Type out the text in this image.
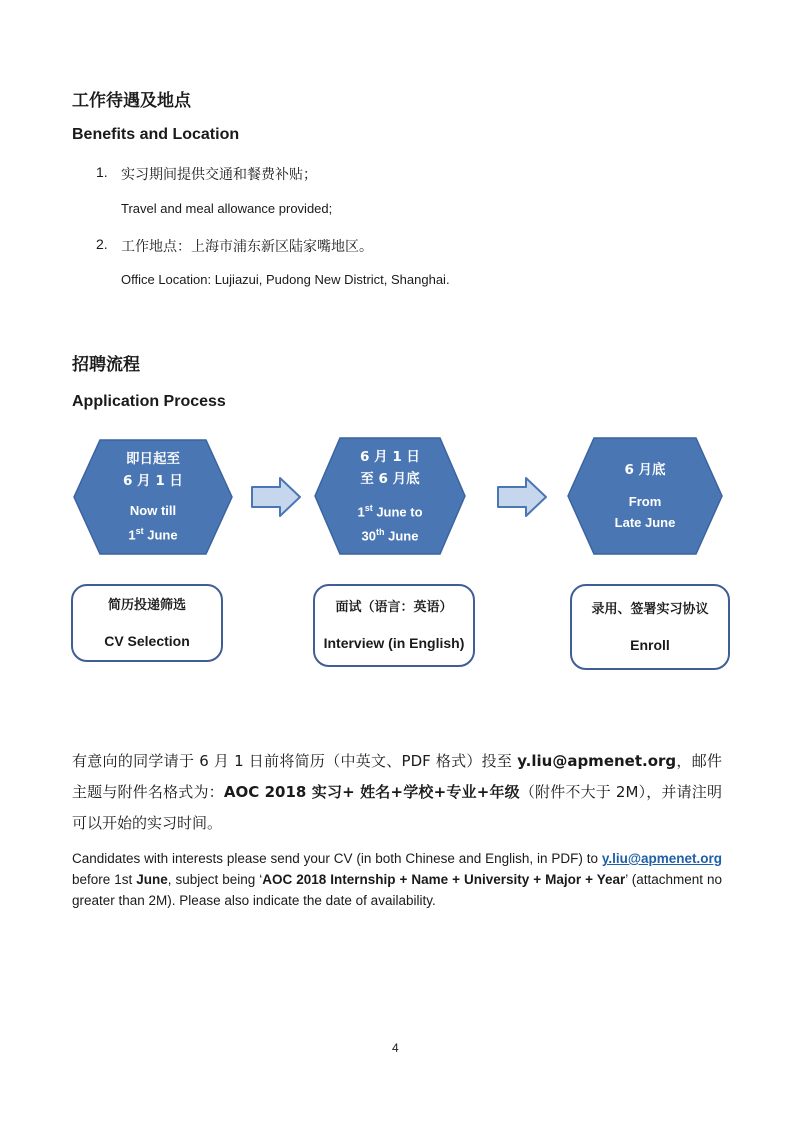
工作待遇及地点
Benefits and Location
1. 实习期间提供交通和餐费补贴；
Travel and meal allowance provided;
2. 工作地点：上海市浦东新区陆家嘴地区。
Office Location: Lujiazui, Pudong New District, Shanghai.
招聘流程
Application Process
即日起至
6 月 1 日
Now till
1st June
6 月 1 日
至 6 月底
1st June to
30th June
6 月底
From
Late June
简历投递筛选
CV Selection
面试（语言：英语）
Interview (in English)
录用、签署实习协议
Enroll
有意向的同学请于 6 月 1 日前将简历（中英文、PDF 格式）投至 y.liu@apmenet.org，邮件主题与附件名格式为：AOC 2018 实习+ 姓名+学校+专业+年级（附件不大于 2M），并请注明可以开始的实习时间。
Candidates with interests please send your CV (in both Chinese and English, in PDF) to y.liu@apmenet.org before 1st June, subject being ‘AOC 2018 Internship + Name + University + Major + Year’ (attachment no greater than 2M). Please also indicate the date of availability.
4
